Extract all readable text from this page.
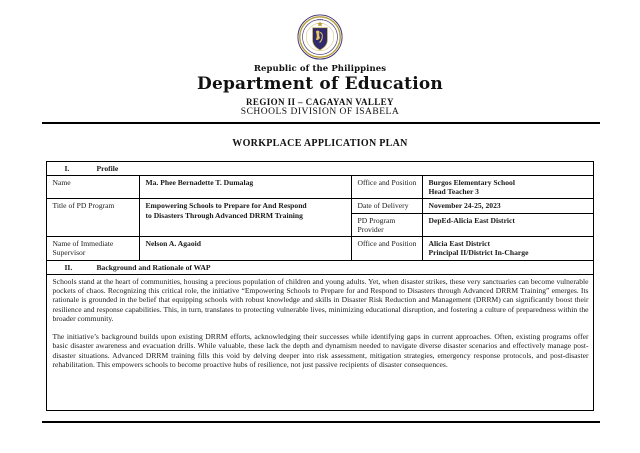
★★★
Republic of the Philippines
Department of Education
REGION II – CAGAYAN VALLEY
SCHOOLS DIVISION OF ISABELA
WORKPLACE APPLICATION PLAN
I. Profile			
Name	Ma. Phee Bernadette T. Dumalag	Office and Position	Burgos Elementary School
Head Teacher 3
Title of PD Program	Empowering Schools to Prepare for And Respond
to Disasters Through Advanced DRRM Training	Date of Delivery	November 24-25, 2023
		PD Program Provider	DepEd-Alicia East District
Name of Immediate Supervisor	Nelson A. Agaoid	Office and Position	Alicia East District
Principal II/District In-Charge
II. Background and Rationale of WAP			

Schools stand at the heart of communities, housing a precious population of children and young adults. Yet, when disaster strikes, these very sanctuaries can become vulnerable pockets of chaos. Recognizing this critical role, the initiative “Empowering Schools to Prepare for and Respond to Disasters through Advanced DRRM Training” emerges. Its rationale is grounded in the belief that equipping schools with robust knowledge and skills in Disaster Risk Reduction and Management (DRRM) can significantly boost their resilience and response capabilities. This, in turn, translates to protecting vulnerable lives, minimizing educational disruption, and fostering a culture of preparedness within the broader community.

The initiative’s background builds upon existing DRRM efforts, acknowledging their successes while identifying gaps in current approaches. Often, existing programs offer basic disaster awareness and evacuation drills. While valuable, these lack the depth and dynamism needed to navigate diverse disaster scenarios and effectively manage post-disaster situations. Advanced DRRM training fills this void by delving deeper into risk assessment, mitigation strategies, emergency response protocols, and post-disaster rehabilitation. This empowers schools to become proactive hubs of resilience, not just passive recipients of disaster consequences.			
